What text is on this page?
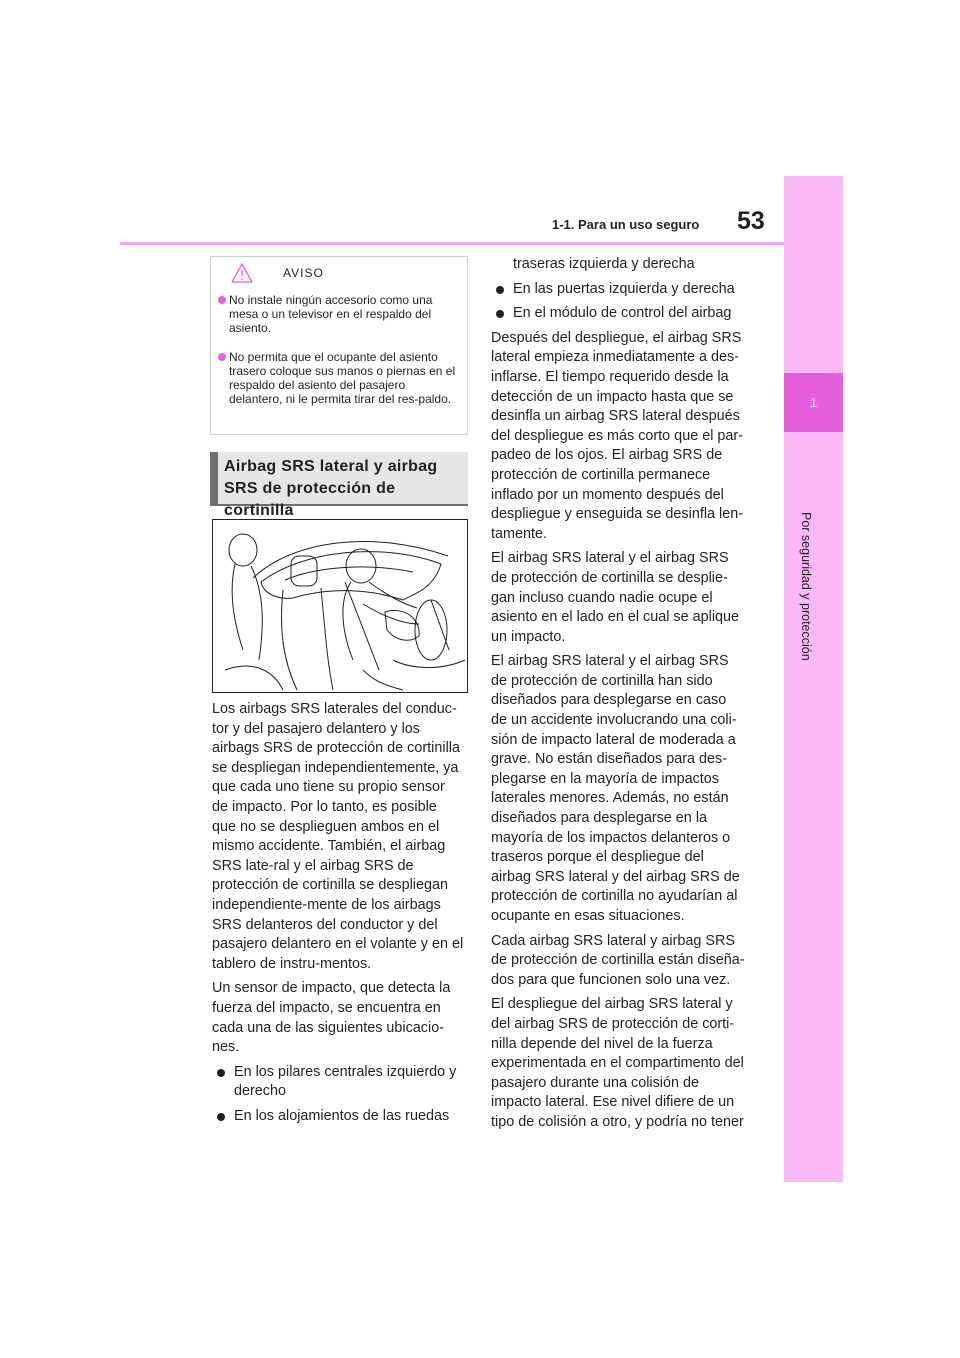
1-1. Para un uso seguro 53
1
Por seguridad y protección
AVISO
No instale ningún accesorio como una mesa o un televisor en el respaldo del asiento.
No permita que el ocupante del asiento trasero coloque sus manos o piernas en el respaldo del asiento del pasajero delantero, ni le permita tirar del res-paldo.
Airbag SRS lateral y airbag SRS de protección de cortinilla

Los airbags SRS laterales del conduc-tor y del pasajero delantero y los airbags SRS de protección de cortinilla se despliegan independientemente, ya que cada uno tiene su propio sensor de impacto. Por lo tanto, es posible que no se desplieguen ambos en el mismo accidente. También, el airbag SRS late-ral y el airbag SRS de protección de cortinilla se despliegan independiente-mente de los airbags SRS delanteros del conductor y del pasajero delantero en el volante y en el tablero de instru-mentos.

Un sensor de impacto, que detecta la fuerza del impacto, se encuentra en cada una de las siguientes ubicacio-nes.

En los pilares centrales izquierdo y derecho
En los alojamientos de las ruedas
traseras izquierda y derecha
En las puertas izquierda y derecha
En el módulo de control del airbag

Después del despliegue, el airbag SRS lateral empieza inmediatamente a des-inflarse. El tiempo requerido desde la detección de un impacto hasta que se desinfla un airbag SRS lateral después del despliegue es más corto que el par-padeo de los ojos. El airbag SRS de protección de cortinilla permanece inflado por un momento después del despliegue y enseguida se desinfla len-tamente.

El airbag SRS lateral y el airbag SRS de protección de cortinilla se desplie-gan incluso cuando nadie ocupe el asiento en el lado en el cual se aplique un impacto.

El airbag SRS lateral y el airbag SRS de protección de cortinilla han sido diseñados para desplegarse en caso de un accidente involucrando una coli-sión de impacto lateral de moderada a grave. No están diseñados para des-plegarse en la mayoría de impactos laterales menores. Además, no están diseñados para desplegarse en la mayoría de los impactos delanteros o traseros porque el despliegue del airbag SRS lateral y del airbag SRS de protección de cortinilla no ayudarían al ocupante en esas situaciones.

Cada airbag SRS lateral y airbag SRS de protección de cortinilla están diseña-dos para que funcionen solo una vez.

El despliegue del airbag SRS lateral y del airbag SRS de protección de corti-nilla depende del nivel de la fuerza experimentada en el compartimento del pasajero durante una colisión de impacto lateral. Ese nivel difiere de un tipo de colisión a otro, y podría no tener
